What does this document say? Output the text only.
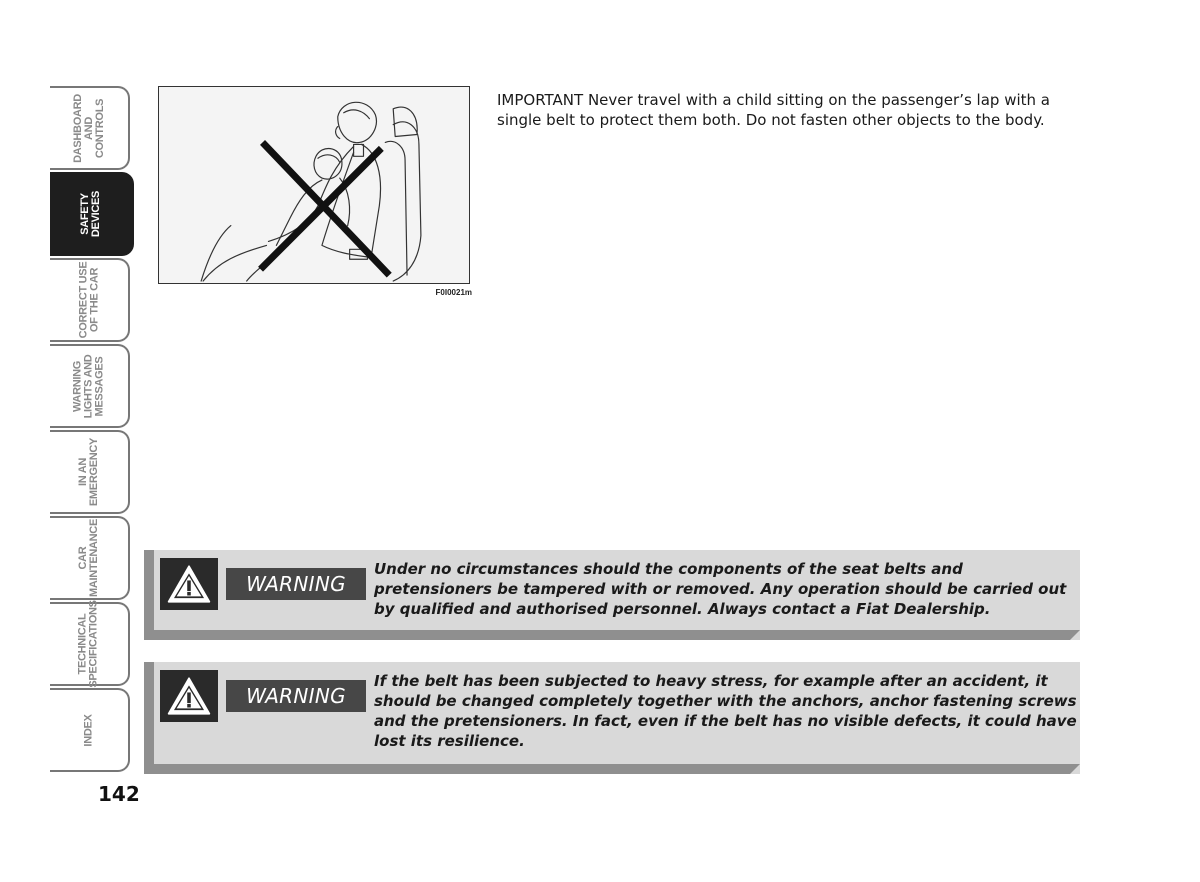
DASHBOARD
AND
CONTROLS
SAFETY
DEVICES
CORRECT USE
OF THE CAR
WARNING
LIGHTS AND
MESSAGES
IN AN
EMERGENCY
CAR
MAINTENANCE
TECHNICAL
SPECIFICATIONS
INDEX
142
F0I0021m
IMPORTANT Never travel with a child sitting on the passenger’s lap with a single belt to protect them both. Do not fasten other objects to the body.
WARNING
Under no circumstances should the components of the seat belts and pretensioners be tampered with or removed. Any operation should be carried out by qualified and authorised personnel. Always contact a Fiat Dealership.
WARNING
If the belt has been subjected to heavy stress, for example after an accident, it should be changed completely together with the anchors, anchor fastening screws and the pretensioners. In fact, even if the belt has no visible defects, it could have lost its resilience.
